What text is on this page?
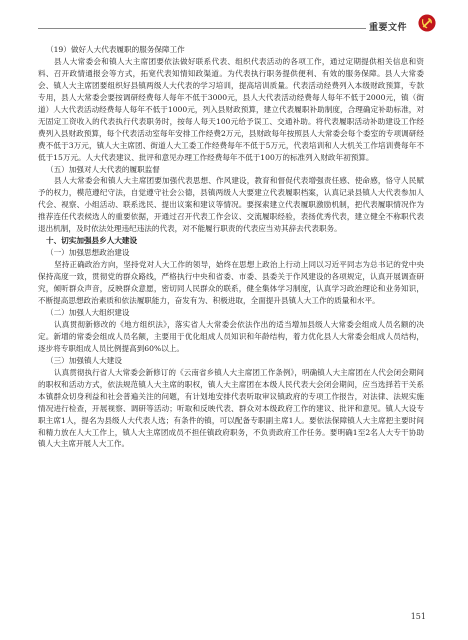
重要文件

（19）做好人大代表履职的服务保障工作

县人大常委会和镇人大主席团要依法做好联系代表、组织代表活动的各项工作，通过定期提供相关信息和资料、召开政情通报会等方式，拓宽代表知情知政渠道。为代表执行职务提供便利、有效的服务保障。县人大常委会、镇人大主席团要组织好县镇两级人大代表的学习培训，提高培训质量。代表活动经费列入本级财政预算，专款专用，县人大常委会要按调研经费每人每年不低于3000元，县人大代表活动经费每人每年不低于2000元，镇（街道）人大代表活动经费每人每年不低于1000元，列入县财政预算，建立代表履职补助制度，合理确定补助标准，对无固定工资收入的代表执行代表职务时，按每人每天100元给予误工、交通补助。将代表履职活动补助建设工作经费列入县财政预算，每个代表活动室每年安排工作经费2万元，县财政每年按照县人大常委会每个委室的专项调研经费不低于3万元，镇人大主席团、街道人大工委工作经费每年不低于5万元，代表培训和人大机关工作培训费每年不低于15万元。人大代表建议、批评和意见办理工作经费每年不低于100万的标准列入财政年初预算。

（五）加强对人大代表的履职监督

县人大常委会和镇人大主席团要加强代表思想、作风建设，教育和督促代表增强责任感、使命感，恪守人民赋予的权力，模范遵纪守法，自觉遵守社会公德，县镇两级人大要建立代表履职档案，认真记录县镇人大代表参加人代会、视察、小组活动、联系选民、提出议案和建议等情况。要探索建立代表履职激励机制，把代表履职情况作为推荐连任代表候选人的重要依据，开通过召开代表工作会议、交流履职经验，表扬优秀代表，建立健全不称职代表退出机制，及时依法处理违纪违法的代表，对不能履行职责的代表应当劝其辞去代表职务。

十、切实加强县乡人大建设

（一）加强思想政治建设

坚持正确政治方向，坚持党对人大工作的领导，始终在思想上政治上行动上同以习近平同志为总书记的党中央保持高度一致，贯彻党的群众路线，严格执行中央和省委、市委、县委关于作风建设的各项规定，认真开展调查研究，倾听群众声音，反映群众意愿，密切同人民群众的联系，健全集体学习制度，认真学习政治理论和业务知识，不断提高思想政治素质和依法履职能力，奋发有为、积极进取，全面提升县镇人大工作的质量和水平。

（二）加强人大组织建设

认真贯彻新修改的《地方组织法》，落实省人大常委会依法作出的适当增加县级人大常委会组成人员名额的决定。新增的常委会组成人员名额，主要用于优化组成人员知识和年龄结构，着力优化县人大常委会组成人员结构，逐步将专职组成人员比例提高到60%以上。

（三）加强镇人大建设

认真贯彻执行省人大常委会新修订的《云南省乡镇人大主席团工作条例》，明确镇人大主席团在人代会闭会期间的职权和活动方式，依法规范镇人大主席的职权，镇人大主席团在本级人民代表大会闭会期间，应当选择若干关系本镇群众切身利益和社会普遍关注的问题，有计划地安排代表听取审议镇政府的专项工作报告，对法律、法规实施情况进行检查，开展视察、调研等活动；听取和反映代表、群众对本级政府工作的建议、批评和意见。镇人大设专职主席1人，提名为县级人大代表人选；有条件的镇，可以配备专职副主席1人。要依法保障镇人大主席把主要时间和精力放在人大工作上，镇人大主席团成员不担任镇政府职务，不负责政府工作任务。要明确1至2名人大专干协助镇人大主席开展人大工作。

151
